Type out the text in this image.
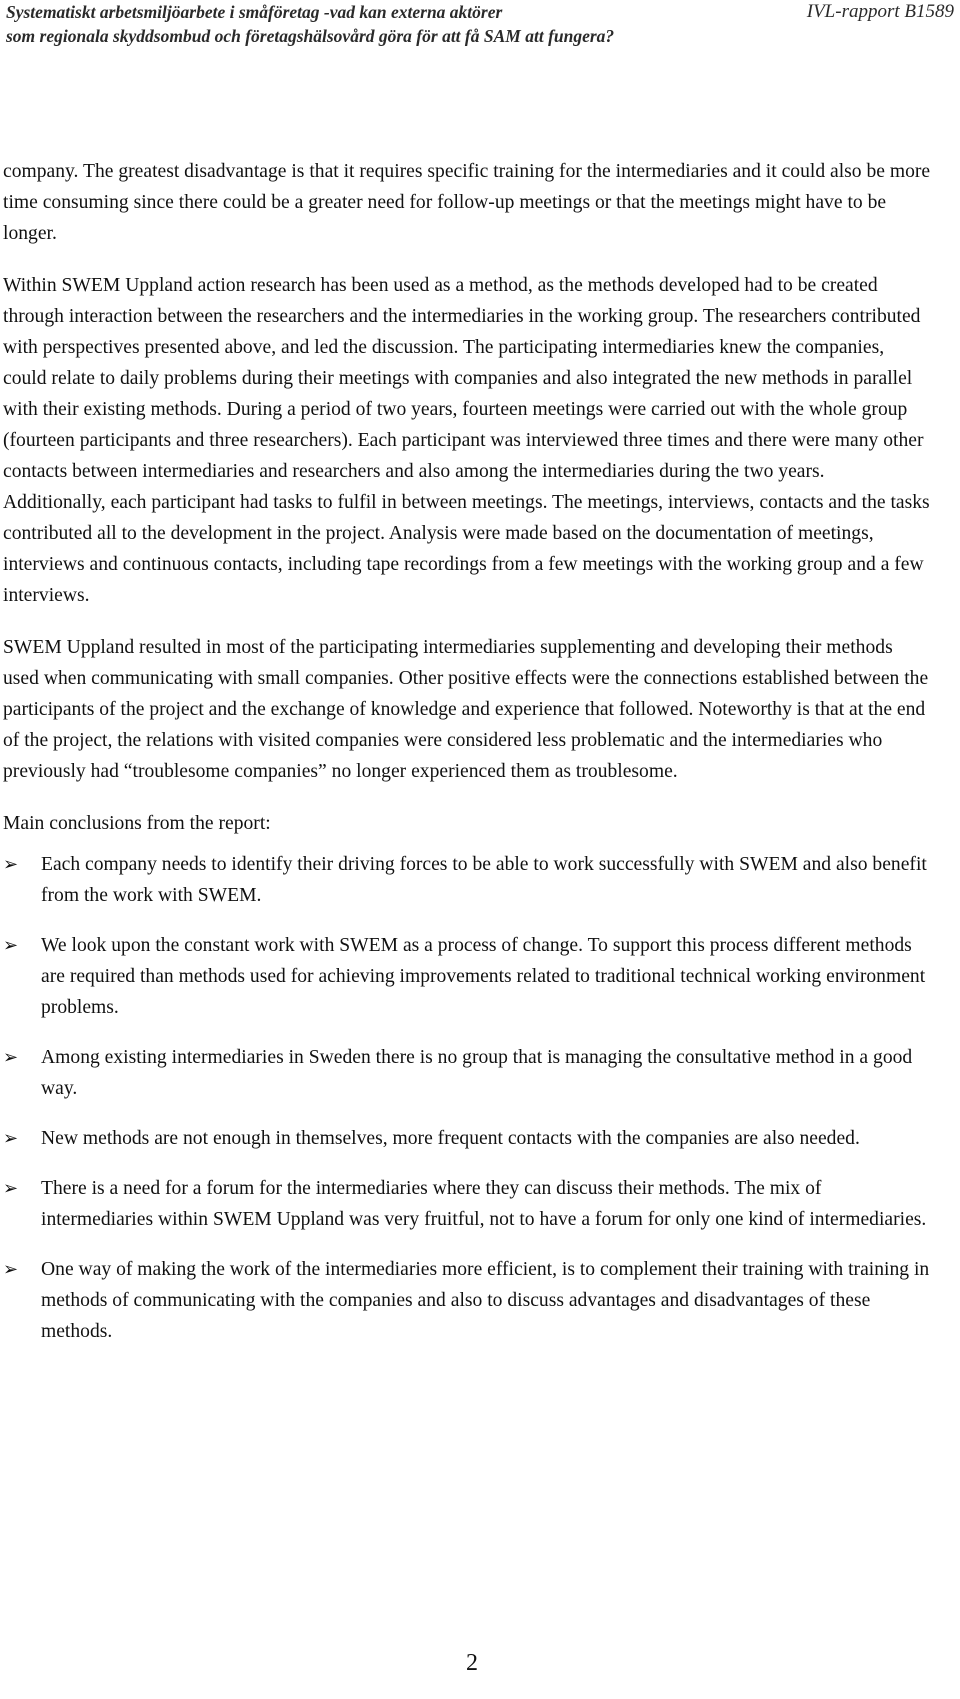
Systematiskt arbetsmiljöarbete i småföretag -vad kan externa aktörer	IVL-rapport B1589
som regionala skyddsombud och företagshälsovård göra för att få SAM att fungera?

company. The greatest disadvantage is that it requires specific training for the intermediaries and it could also be more time consuming since there could be a greater need for follow-up meetings or that the meetings might have to be longer.

Within SWEM Uppland action research has been used as a method, as the methods developed had to be created through interaction between the researchers and the intermediaries in the working group. The researchers contributed with perspectives presented above, and led the discussion. The participating intermediaries knew the companies, could relate to daily problems during their meetings with companies and also integrated the new methods in parallel with their existing methods. During a period of two years, fourteen meetings were carried out with the whole group (fourteen participants and three researchers). Each participant was interviewed three times and there were many other contacts between intermediaries and researchers and also among the intermediaries during the two years. Additionally, each participant had tasks to fulfil in between meetings. The meetings, interviews, contacts and the tasks contributed all to the development in the project. Analysis were made based on the documentation of meetings, interviews and continuous contacts, including tape recordings from a few meetings with the working group and a few interviews.

SWEM Uppland resulted in most of the participating intermediaries supplementing and developing their methods used when communicating with small companies. Other positive effects were the connections established between the participants of the project and the exchange of knowledge and experience that followed. Noteworthy is that at the end of the project, the relations with visited companies were considered less problematic and the intermediaries who previously had “troublesome companies” no longer experienced them as troublesome.

Main conclusions from the report:

➢ Each company needs to identify their driving forces to be able to work successfully with SWEM and also benefit from the work with SWEM.
➢ We look upon the constant work with SWEM as a process of change. To support this process different methods are required than methods used for achieving improvements related to traditional technical working environment problems.
➢ Among existing intermediaries in Sweden there is no group that is managing the consultative method in a good way.
➢ New methods are not enough in themselves, more frequent contacts with the companies are also needed.
➢ There is a need for a forum for the intermediaries where they can discuss their methods. The mix of intermediaries within SWEM Uppland was very fruitful, not to have a forum for only one kind of intermediaries.
➢ One way of making the work of the intermediaries more efficient, is to complement their training with training in methods of communicating with the companies and also to discuss advantages and disadvantages of these methods.
2
